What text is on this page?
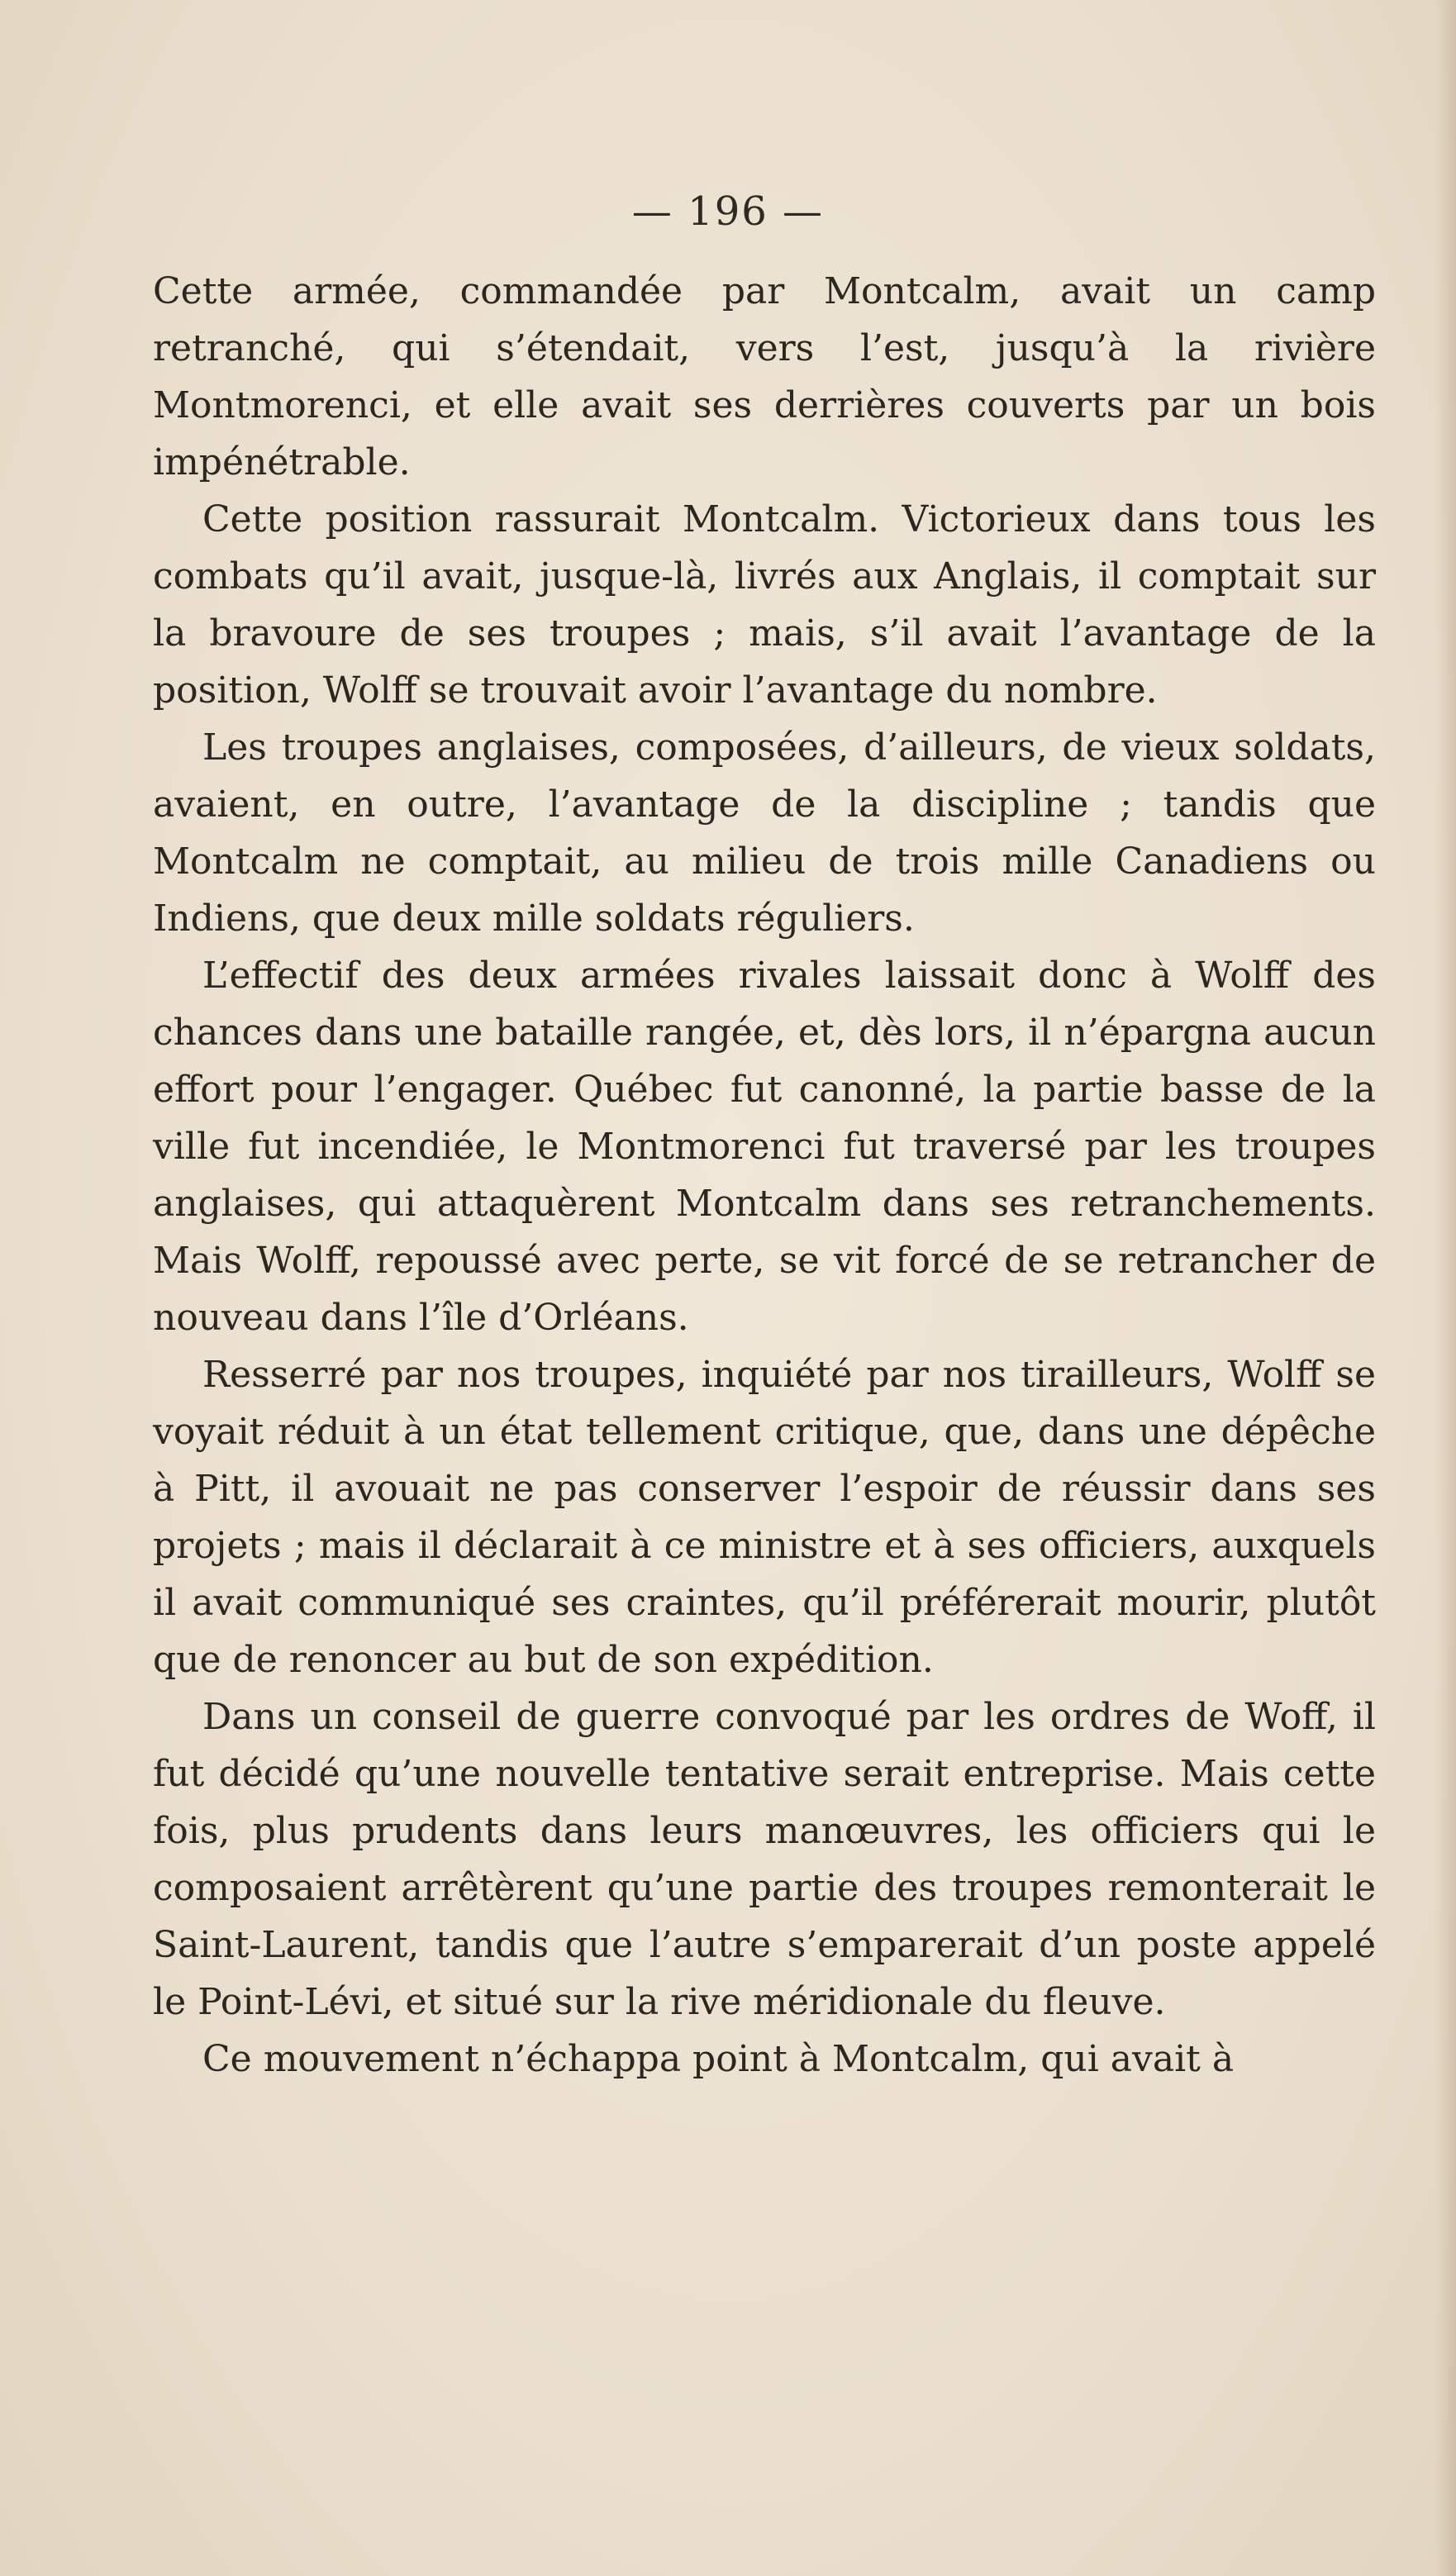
— 196 —

Cette armée, commandée par Montcalm, avait un camp retranché, qui s’étendait, vers l’est, jusqu’à la rivière Montmorenci, et elle avait ses derrières couverts par un bois impénétrable.

Cette position rassurait Montcalm. Victorieux dans tous les combats qu’il avait, jusque-là, livrés aux Anglais, il comptait sur la bravoure de ses troupes ; mais, s’il avait l’avantage de la position, Wolff se trouvait avoir l’avantage du nombre.

Les troupes anglaises, composées, d’ailleurs, de vieux soldats, avaient, en outre, l’avantage de la discipline ; tandis que Montcalm ne comptait, au milieu de trois mille Canadiens ou Indiens, que deux mille soldats réguliers.

L’effectif des deux armées rivales laissait donc à Wolff des chances dans une bataille rangée, et, dès lors, il n’épargna aucun effort pour l’engager. Québec fut canonné, la partie basse de la ville fut incendiée, le Montmorenci fut traversé par les troupes anglaises, qui attaquèrent Montcalm dans ses retranchements. Mais Wolff, repoussé avec perte, se vit forcé de se retrancher de nouveau dans l’île d’Orléans.

Resserré par nos troupes, inquiété par nos tirailleurs, Wolff se voyait réduit à un état tellement critique, que, dans une dépêche à Pitt, il avouait ne pas conserver l’espoir de réussir dans ses projets ; mais il déclarait à ce ministre et à ses officiers, auxquels il avait communiqué ses craintes, qu’il préférerait mourir, plutôt que de renoncer au but de son expédition.

Dans un conseil de guerre convoqué par les ordres de Woff, il fut décidé qu’une nouvelle tentative serait entreprise. Mais cette fois, plus prudents dans leurs manœuvres, les officiers qui le composaient arrêtèrent qu’une partie des troupes remonterait le Saint-Laurent, tandis que l’autre s’emparerait d’un poste appelé le Point-Lévi, et situé sur la rive méridionale du fleuve.

Ce mouvement n’échappa point à Montcalm, qui avait à
